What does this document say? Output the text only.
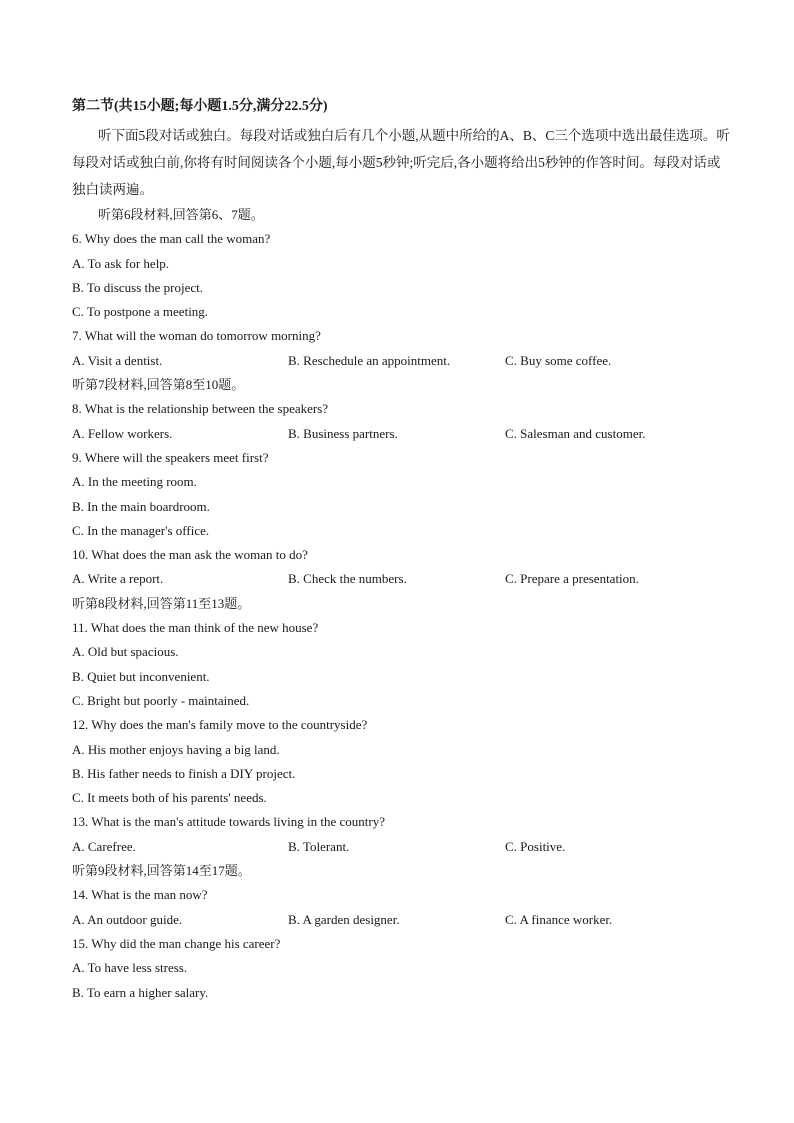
第二节(共15小题;每小题1.5分,满分22.5分)

听下面5段对话或独白。每段对话或独白后有几个小题,从题中所给的A、B、C三个选项中选出最佳选项。听每段对话或独白前,你将有时间阅读各个小题,每小题5秒钟;听完后,各小题将给出5秒钟的作答时间。每段对话或独白读两遍。

听第6段材料,回答第6、7题。
6. Why does the man call the woman?
A. To ask for help.
B. To discuss the project.
C. To postpone a meeting.
7. What will the woman do tomorrow morning?
A. Visit a dentist.	B. Reschedule an appointment.	C. Buy some coffee.
听第7段材料,回答第8至10题。
8. What is the relationship between the speakers?
A. Fellow workers.	B. Business partners.	C. Salesman and customer.
9. Where will the speakers meet first?
A. In the meeting room.
B. In the main boardroom.
C. In the manager's office.
10. What does the man ask the woman to do?
A. Write a report.	B. Check the numbers.	C. Prepare a presentation.
听第8段材料,回答第11至13题。
11. What does the man think of the new house?
A. Old but spacious.
B. Quiet but inconvenient.
C. Bright but poorly - maintained.
12. Why does the man's family move to the countryside?
A. His mother enjoys having a big land.
B. His father needs to finish a DIY project.
C. It meets both of his parents' needs.
13. What is the man's attitude towards living in the country?
A. Carefree.	B. Tolerant.	C. Positive.
听第9段材料,回答第14至17题。
14. What is the man now?
A. An outdoor guide.	B. A garden designer.	C. A finance worker.
15. Why did the man change his career?
A. To have less stress.
B. To earn a higher salary.
